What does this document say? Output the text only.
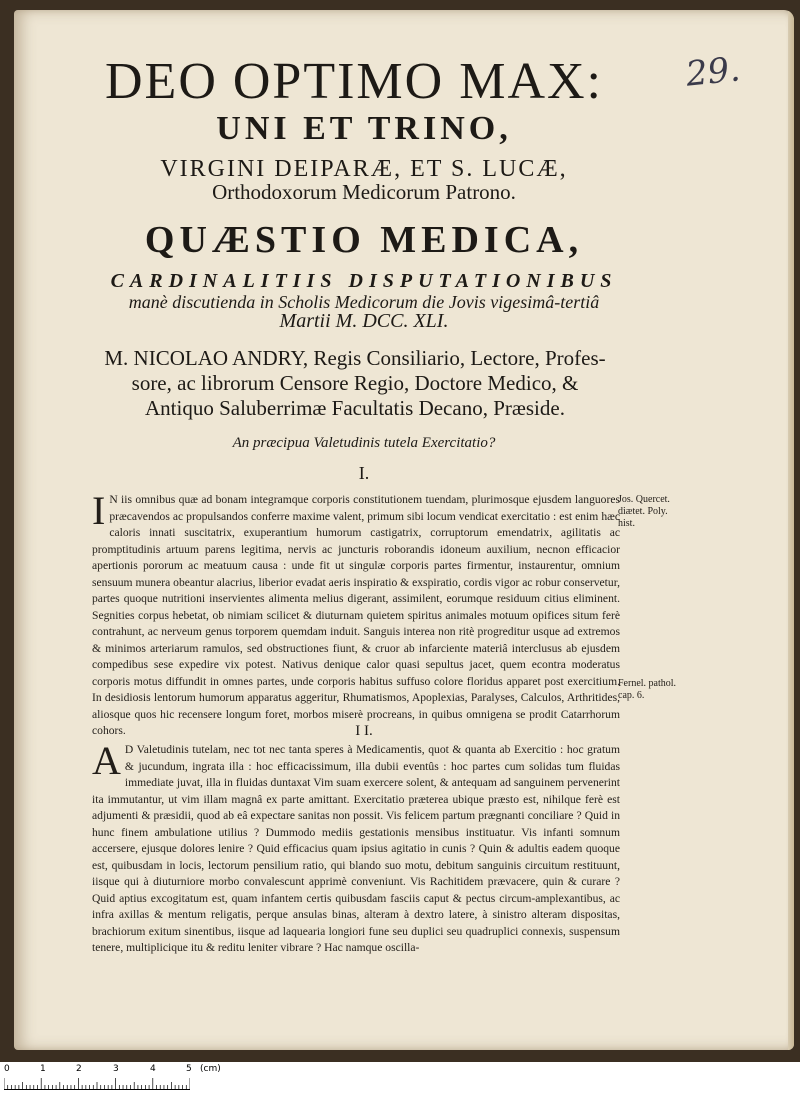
29.
DEO OPTIMO MAX:
UNI ET TRINO,
VIRGINI DEIPARÆ, ET S. LUCÆ,
Orthodoxorum Medicorum Patrono.
QUÆSTIO MEDICA,
CARDINALITIIS DISPUTATIONIBUS
manè discutienda in Scholis Medicorum die Jovis vigesimâ-tertiâ
Martii M. DCC. XLI.
M. NICOLAO ANDRY, Regis Consiliario, Lectore, Profes-
sore, ac librorum Censore Regio, Doctore Medico, &
Antiquo Saluberrimæ Facultatis Decano, Præside.
An præcipua Valetudinis tutela Exercitatio?
I.
I N iis omnibus quæ ad bonam integramque corporis constitutionem tuendam, plurimosque ejusdem languores præcavendos ac propulsandos conferre maxime valent, primum sibi locum vendicat exercitatio : est enim hæc caloris innati suscitatrix, exuperantium humorum castigatrix, corruptorum emendatrix, agilitatis ac promptitudinis artuum parens legitima, nervis ac juncturis roborandis idoneum auxilium, necnon efficacior apertionis pororum ac meatuum causa : unde fit ut singulæ corporis partes firmentur, instaurentur, omnium sensuum munera obeantur alacrius, liberior evadat aeris inspiratio & exspiratio, cordis vigor ac robur conservetur, partes quoque nutritioni inservientes alimenta melius digerant, assimilent, eorumque residuum citius eliminent. Segnities corpus hebetat, ob nimiam scilicet & diuturnam quietem spiritus animales motuum opifices situm ferè contrahunt, ac nerveum genus torporem quemdam induit. Sanguis interea non ritè progreditur usque ad extremos & minimos arteriarum ramulos, sed obstructiones fiunt, & cruor ab infarciente materiâ interclusus ab ejusdem compedibus sese expedire vix potest. Nativus denique calor quasi sepultus jacet, quem econtra moderatus corporis motus diffundit in omnes partes, unde corporis habitus suffuso colore floridus apparet post exercitium. In desidiosis lentorum humorum apparatus aggeritur, Rhumatismos, Apoplexias, Paralyses, Calculos, Arthritides, aliosque quos hic recensere longum foret, morbos miserè procreans, in quibus omnigena se prodit Catarrhorum cohors.	I I.
A D Valetudinis tutelam, nec tot nec tanta speres à Medicamentis, quot & quanta ab Exercitio : hoc gratum & jucundum, ingrata illa : hoc efficacissimum, illa dubii eventûs : hoc partes cum solidas tum fluidas immediate juvat, illa in fluidas duntaxat Vim suam exercere solent, & antequam ad sanguinem pervenerint ita immutantur, ut vim illam magnâ ex parte amittant. Exercitatio præterea ubique præsto est, nihilque ferè est adjumenti & præsidii, quod ab eâ expectare sanitas non possit. Vis felicem partum prægnanti conciliare ? Quid in hunc finem ambulatione utilius ? Dummodo mediis gestationis mensibus instituatur. Vis infanti somnum accersere, ejusque dolores lenire ? Quid efficacius quam ipsius agitatio in cunis ? Quin & adultis eadem quoque est, quibusdam in locis, lectorum pensilium ratio, qui blando suo motu, debitum sanguinis circuitum restituunt, iisque qui à diuturniore morbo convalescunt apprimè conveniunt. Vis Rachitidem prævacere, quin & curare ? Quid aptius excogitatum est, quam infantem certis quibusdam fasciis caput & pectus circum-amplexantibus, ac infra axillas & mentum religatis, perque ansulas binas, alteram à dextro latere, à sinistro alteram dispositas, brachiorum exitum sinentibus, iisque ad laquearia longiori fune seu duplici seu quadruplici connexis, suspensum tenere, multiplicique itu & reditu leniter vibrare ? Hac namque oscilla-
Jos. Quercet.
diætet. Poly.
hist.
Fernel. pathol.
cap. 6.
0	1	2	3	4	5 (cm)
